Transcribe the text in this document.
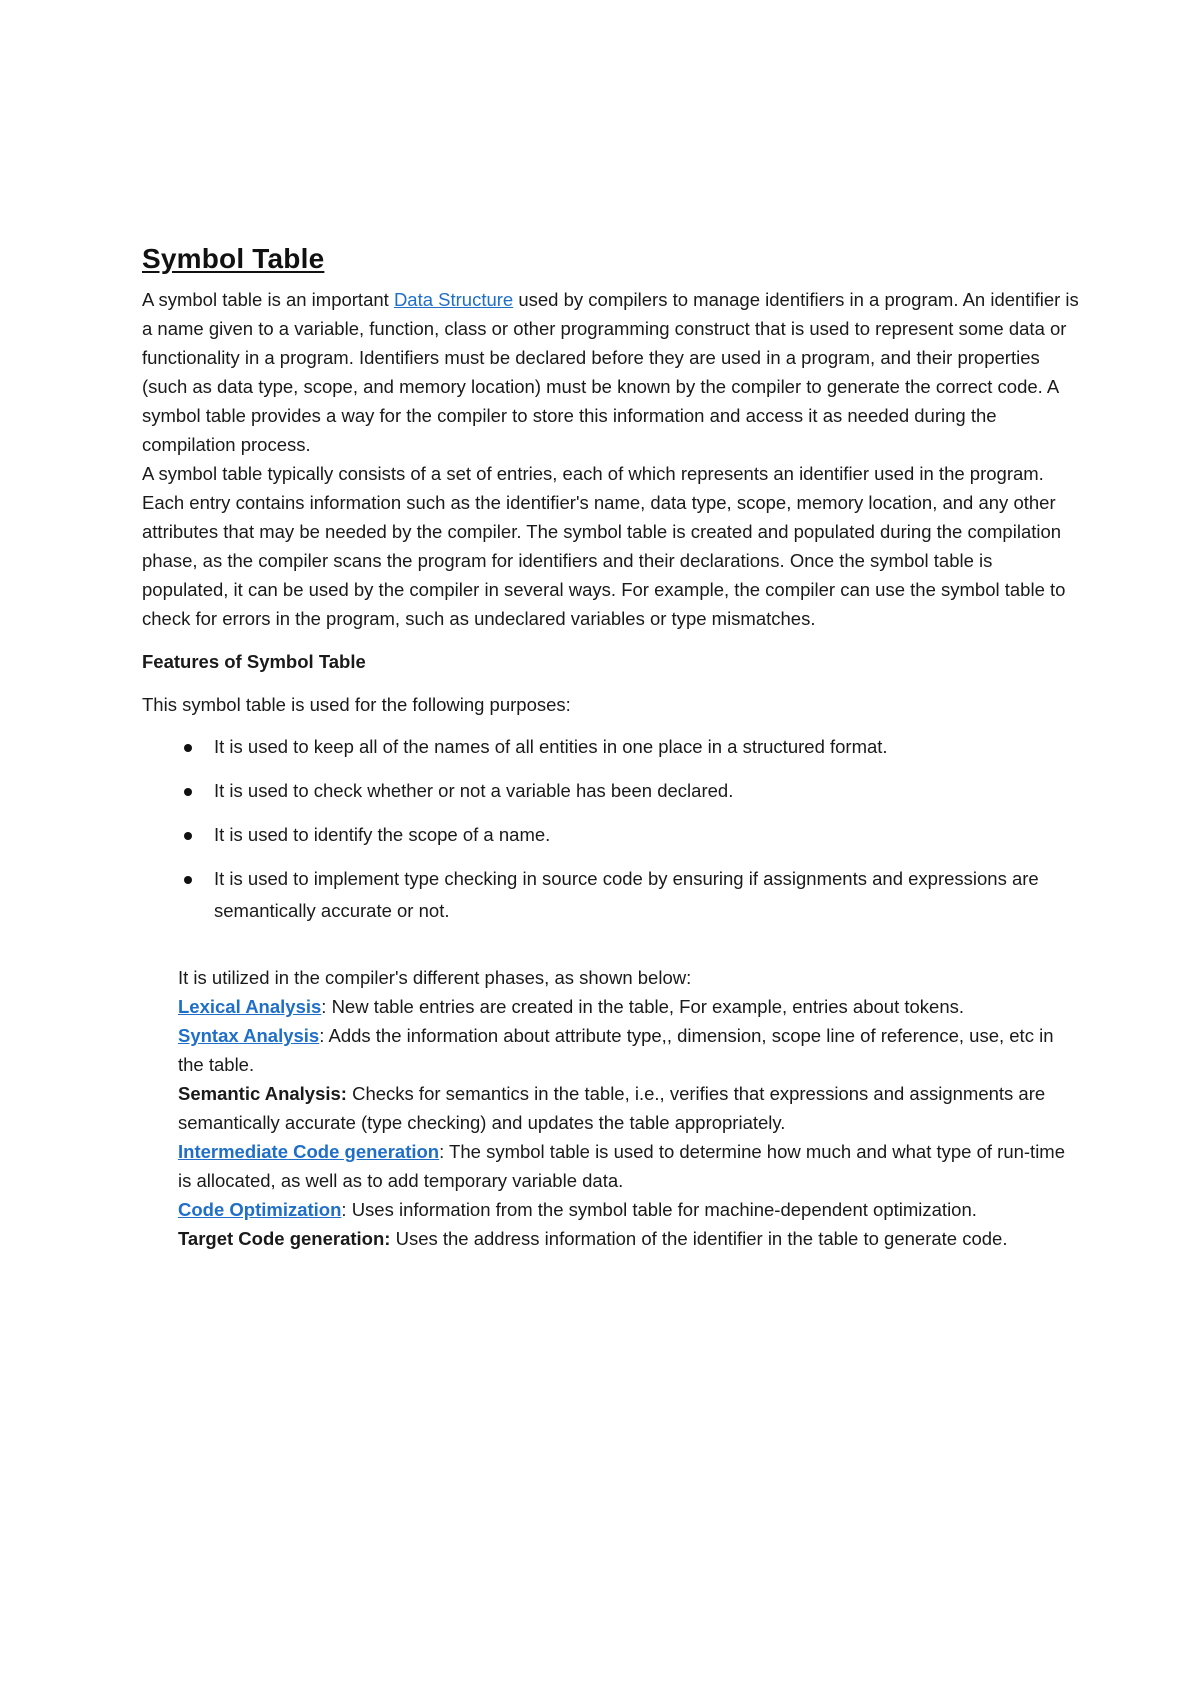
Symbol Table

A symbol table is an important Data Structure used by compilers to manage identifiers in a program. An identifier is a name given to a variable, function, class or other programming construct that is used to represent some data or functionality in a program. Identifiers must be declared before they are used in a program, and their properties (such as data type, scope, and memory location) must be known by the compiler to generate the correct code. A symbol table provides a way for the compiler to store this information and access it as needed during the compilation process.

A symbol table typically consists of a set of entries, each of which represents an identifier used in the program. Each entry contains information such as the identifier's name, data type, scope, memory location, and any other attributes that may be needed by the compiler. The symbol table is created and populated during the compilation phase, as the compiler scans the program for identifiers and their declarations. Once the symbol table is populated, it can be used by the compiler in several ways. For example, the compiler can use the symbol table to check for errors in the program, such as undeclared variables or type mismatches.

Features of Symbol Table

This symbol table is used for the following purposes:

It is used to keep all of the names of all entities in one place in a structured format.
It is used to check whether or not a variable has been declared.
It is used to identify the scope of a name.
It is used to implement type checking in source code by ensuring if assignments and expressions are semantically accurate or not.

It is utilized in the compiler's different phases, as shown below:

Lexical Analysis: New table entries are created in the table, For example, entries about tokens.

Syntax Analysis: Adds the information about attribute type,, dimension, scope line of reference, use, etc in the table.

Semantic Analysis: Checks for semantics in the table, i.e., verifies that expressions and assignments are semantically accurate (type checking) and updates the table appropriately.

Intermediate Code generation: The symbol table is used to determine how much and what type of run-time is allocated, as well as to add temporary variable data.

Code Optimization: Uses information from the symbol table for machine-dependent optimization.

Target Code generation: Uses the address information of the identifier in the table to generate code.
